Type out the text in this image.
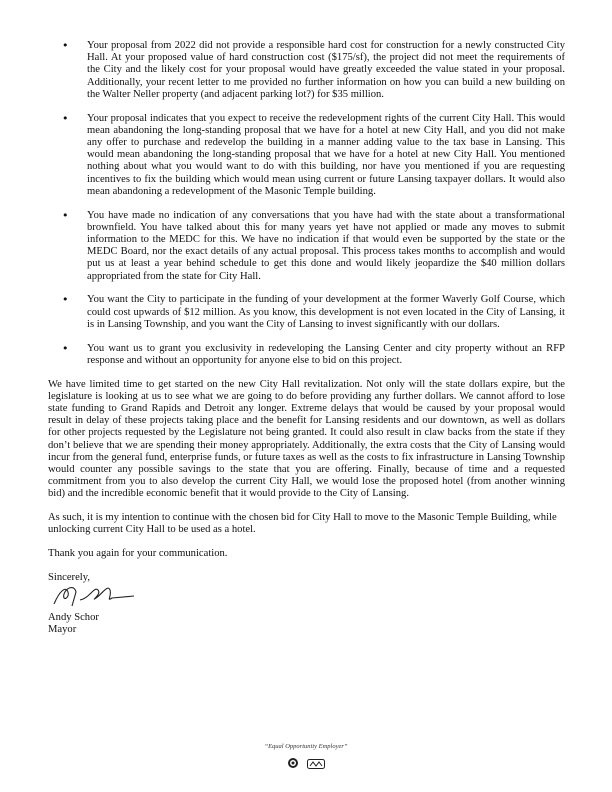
• Your proposal from 2022 did not provide a responsible hard cost for construction for a newly constructed City Hall. At your proposed value of hard construction cost ($175/sf), the project did not meet the requirements of the City and the likely cost for your proposal would have greatly exceeded the value stated in your proposal. Additionally, your recent letter to me provided no further information on how you can build a new building on the Walter Neller property (and adjacent parking lot?) for $35 million.

• Your proposal indicates that you expect to receive the redevelopment rights of the current City Hall. This would mean abandoning the long-standing proposal that we have for a hotel at new City Hall, and you did not make any offer to purchase and redevelop the building in a manner adding value to the tax base in Lansing. This would mean abandoning the long-standing proposal that we have for a hotel at new City Hall. You mentioned nothing about what you would want to do with this building, nor have you mentioned if you are requesting incentives to fix the building which would mean using current or future Lansing taxpayer dollars. It would also mean abandoning a redevelopment of the Masonic Temple building.

• You have made no indication of any conversations that you have had with the state about a transformational brownfield. You have talked about this for many years yet have not applied or made any moves to submit information to the MEDC for this. We have no indication if that would even be supported by the state or the MEDC Board, nor the exact details of any actual proposal. This process takes months to accomplish and would put us at least a year behind schedule to get this done and would likely jeopardize the $40 million dollars appropriated from the state for City Hall.

• You want the City to participate in the funding of your development at the former Waverly Golf Course, which could cost upwards of $12 million. As you know, this development is not even located in the City of Lansing, it is in Lansing Township, and you want the City of Lansing to invest significantly with our dollars.

• You want us to grant you exclusivity in redeveloping the Lansing Center and city property without an RFP response and without an opportunity for anyone else to bid on this project.

We have limited time to get started on the new City Hall revitalization. Not only will the state dollars expire, but the legislature is looking at us to see what we are going to do before providing any further dollars. We cannot afford to lose state funding to Grand Rapids and Detroit any longer. Extreme delays that would be caused by your proposal would result in delay of these projects taking place and the benefit for Lansing residents and our downtown, as well as dollars for other projects requested by the Legislature not being granted. It could also result in claw backs from the state if they don’t believe that we are spending their money appropriately. Additionally, the extra costs that the City of Lansing would incur from the general fund, enterprise funds, or future taxes as well as the costs to fix infrastructure in Lansing Township would counter any possible savings to the state that you are offering. Finally, because of time and a requested commitment from you to also develop the current City Hall, we would lose the proposed hotel (from another winning bid) and the incredible economic benefit that it would provide to the City of Lansing.

As such, it is my intention to continue with the chosen bid for City Hall to move to the Masonic Temple Building, while unlocking current City Hall to be used as a hotel.

Thank you again for your communication.

Sincerely,

Andy Schor

Mayor

“Equal Opportunity Employer”
